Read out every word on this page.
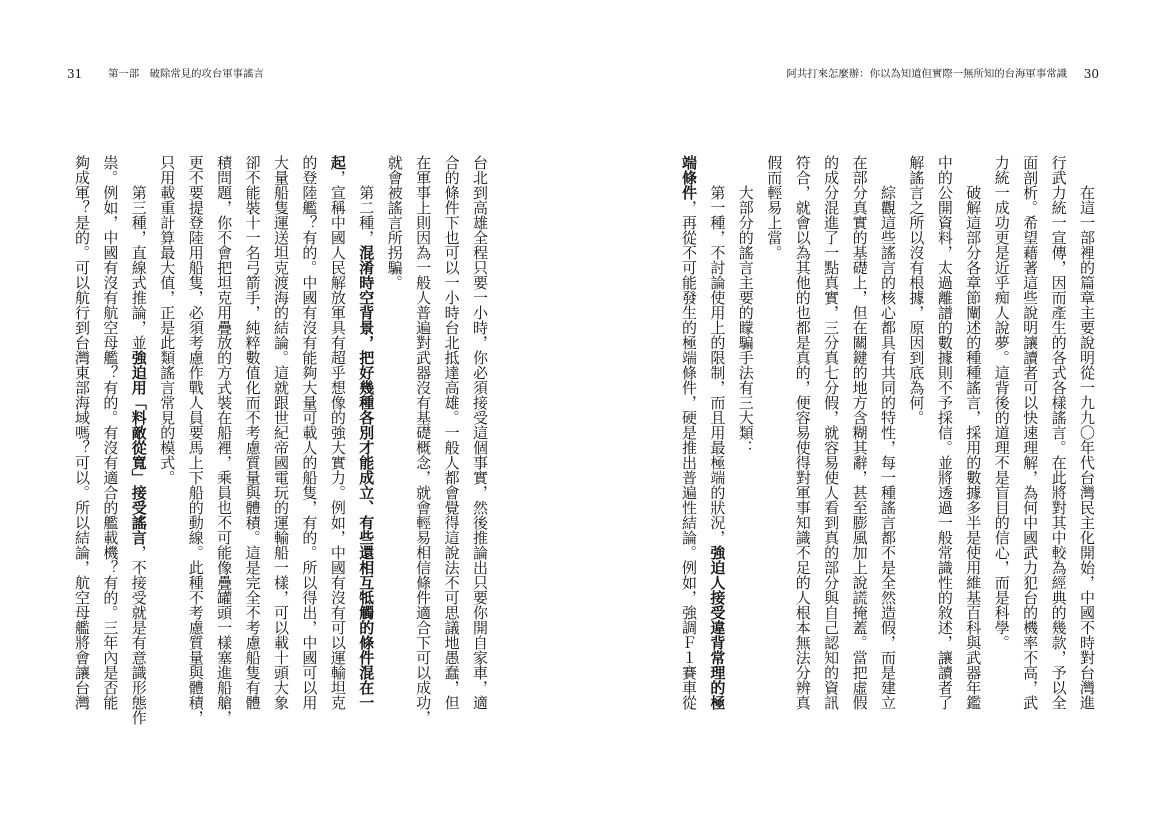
31 第一部　破除常見的攻台軍事謠言	阿共打來怎麼辦：你以為知道但實際一無所知的台海軍事常識 30
台北到高雄全程只要一小時，你必須接受這個事實，然後推論出只要你開自家車，適
合的條件下也可以一小時台北抵達高雄。一般人都會覺得這說法不可思議地愚蠢，但
在軍事上則因為一般人普遍對武器沒有基礎概念，就會輕易相信條件適合下可以成功，
就會被謠言所拐騙。
第二種，混淆時空背景，把好幾種各別才能成立、有些還相互牴觸的條件混在一
起，宣稱中國人民解放軍具有超乎想像的強大實力。例如，中國有沒有可以運輸坦克
的登陸艦？有的。中國有沒有能夠大量可載人的船隻，有的。所以得出，中國可以用
大量船隻運送坦克渡海的結論。這就跟世紀帝國電玩的運輸船一樣，可以載十頭大象
卻不能裝十一名弓箭手，純粹數值化而不考慮質量與體積。這是完全不考慮船隻有體
積問題，你不會把坦克用疊放的方式裝在船裡，乘員也不可能像疊罐頭一樣塞進船艙，
更不要提登陸用船隻，必須考慮作戰人員要馬上下船的動線。此種不考慮質量與體積，
只用載重計算最大值，正是此類謠言常見的模式。
第三種，直線式推論，並強迫用「料敵從寬」接受謠言，不接受就是有意識形態作
祟。例如，中國有沒有航空母艦？有的。有沒有適合的艦載機？有的。三年內是否能
夠成軍？是的。可以航行到台灣東部海域嗎？可以。所以結論，航空母艦將會讓台灣	在這一部裡的篇章主要說明從一九九〇年代台灣民主化開始，中國不時對台灣進
行武力統一宣傳，因而產生的各式各樣謠言。在此將對其中較為經典的幾款，予以全
面剖析。希望藉著這些說明讓讀者可以快速理解，為何中國武力犯台的機率不高，武
力統一成功更是近乎痴人說夢。這背後的道理不是盲目的信心，而是科學。
破解這部分各章節闡述的種種謠言，採用的數據多半是使用維基百科與武器年鑑
中的公開資料，太過離譜的數據則不予採信。並將透過一般常識性的敘述，讓讀者了
解謠言之所以沒有根據，原因到底為何。
綜觀這些謠言的核心都具有共同的特性，每一種謠言都不是全然造假，而是建立
在部分真實的基礎上，但在關鍵的地方含糊其辭，甚至膨風加上說謊掩蓋。當把虛假
的成分混進了一點真實，三分真七分假，就容易使人看到真的部分與自己認知的資訊
符合，就會以為其他的也都是真的，便容易使得對軍事知識不足的人根本無法分辨真
假而輕易上當。
大部分的謠言主要的矇騙手法有三大類：
第一種，不討論使用上的限制，而且用最極端的狀況，強迫人接受違背常理的極
端條件，再從不可能發生的極端條件，硬是推出普遍性結論。例如，強調Ｆ１賽車從
